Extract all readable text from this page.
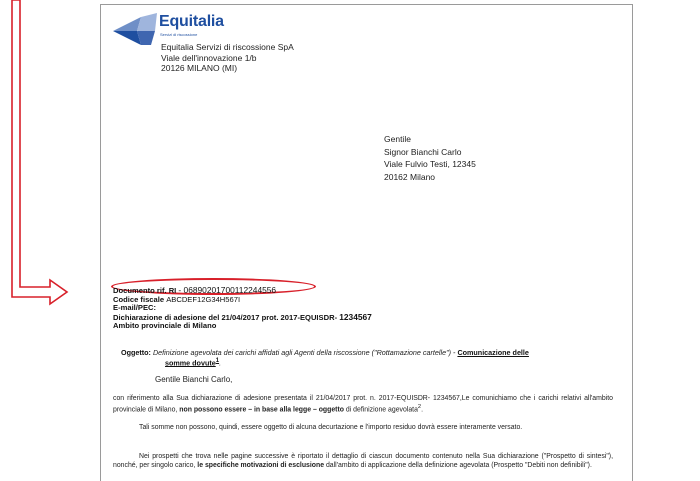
Equitalia
Servizi di riscossione
Equitalia Servizi di riscossione SpA
Viale dell'innovazione 1/b
20126 MILANO (MI)
Gentile
Signor Bianchi Carlo
Viale Fulvio Testi, 12345
20162 Milano
Documento rif. RI - 06890201700112244556
Codice fiscale ABCDEF12G34H567I
E-mail/PEC:
Dichiarazione di adesione del 21/04/2017 prot. 2017-EQUISDR- 1234567
Ambito provinciale di Milano
Oggetto: Definizione agevolata dei carichi affidati agli Agenti della riscossione ("Rottamazione cartelle") - Comunicazione delle
somme dovute$^1$.
Gentile Bianchi Carlo,
con riferimento alla Sua dichiarazione di adesione presentata il 21/04/2017 prot. n. 2017-EQUISDR- 1234567,Le comunichiamo che i carichi relativi all'ambito provinciale di Milano, non possono essere – in base alla legge – oggetto di definizione agevolata$^2$.
Tali somme non possono, quindi, essere oggetto di alcuna decurtazione e l'importo residuo dovrà essere interamente versato.
Nei prospetti che trova nelle pagine successive è riportato il dettaglio di ciascun documento contenuto nella Sua dichiarazione ("Prospetto di sintesi"), nonché, per singolo carico, le specifiche motivazioni di esclusione dall'ambito di applicazione della definizione agevolata (Prospetto "Debiti non definibili").
